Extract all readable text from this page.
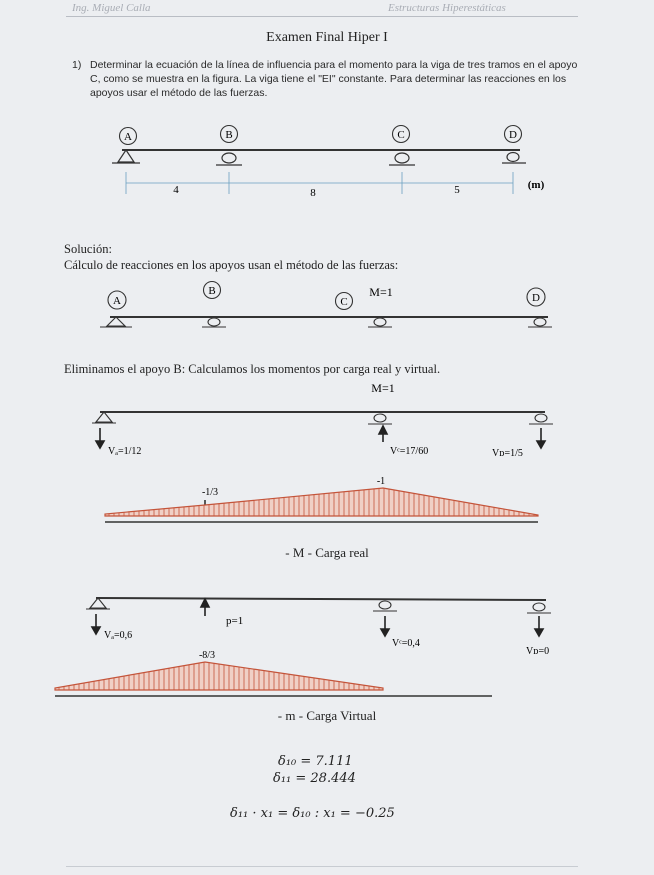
Ing. Miguel Calla	Estructuras Hiperestáticas
Examen Final Hiper I
1) Determinar la ecuación de la línea de influencia para el momento para la viga de tres tramos en el apoyo C, como se muestra en la figura. La viga tiene el "EI" constante. Para determinar las reacciones en los apoyos usar el método de las fuerzas.
A	B	C	D
4	8	5	(m)
Solución:
Cálculo de reacciones en los apoyos usan el método de las fuerzas:
A
B
C	D
M=1
Eliminamos el apoyo B: Calculamos los momentos por carga real y virtual.
M=1
Vₐ=1/12	Vᶜ=17/60	Vᴅ=1/5
-1/3
-1
- M - Carga real
p=1
Vₐ=0,6
Vᶜ=0,4
Vᴅ=0
-8/3
- m - Carga Virtual
δ₁₀ = 7.111
δ₁₁ = 28.444
δ₁₁ · x₁ = δ₁₀ : x₁ = −0.25
